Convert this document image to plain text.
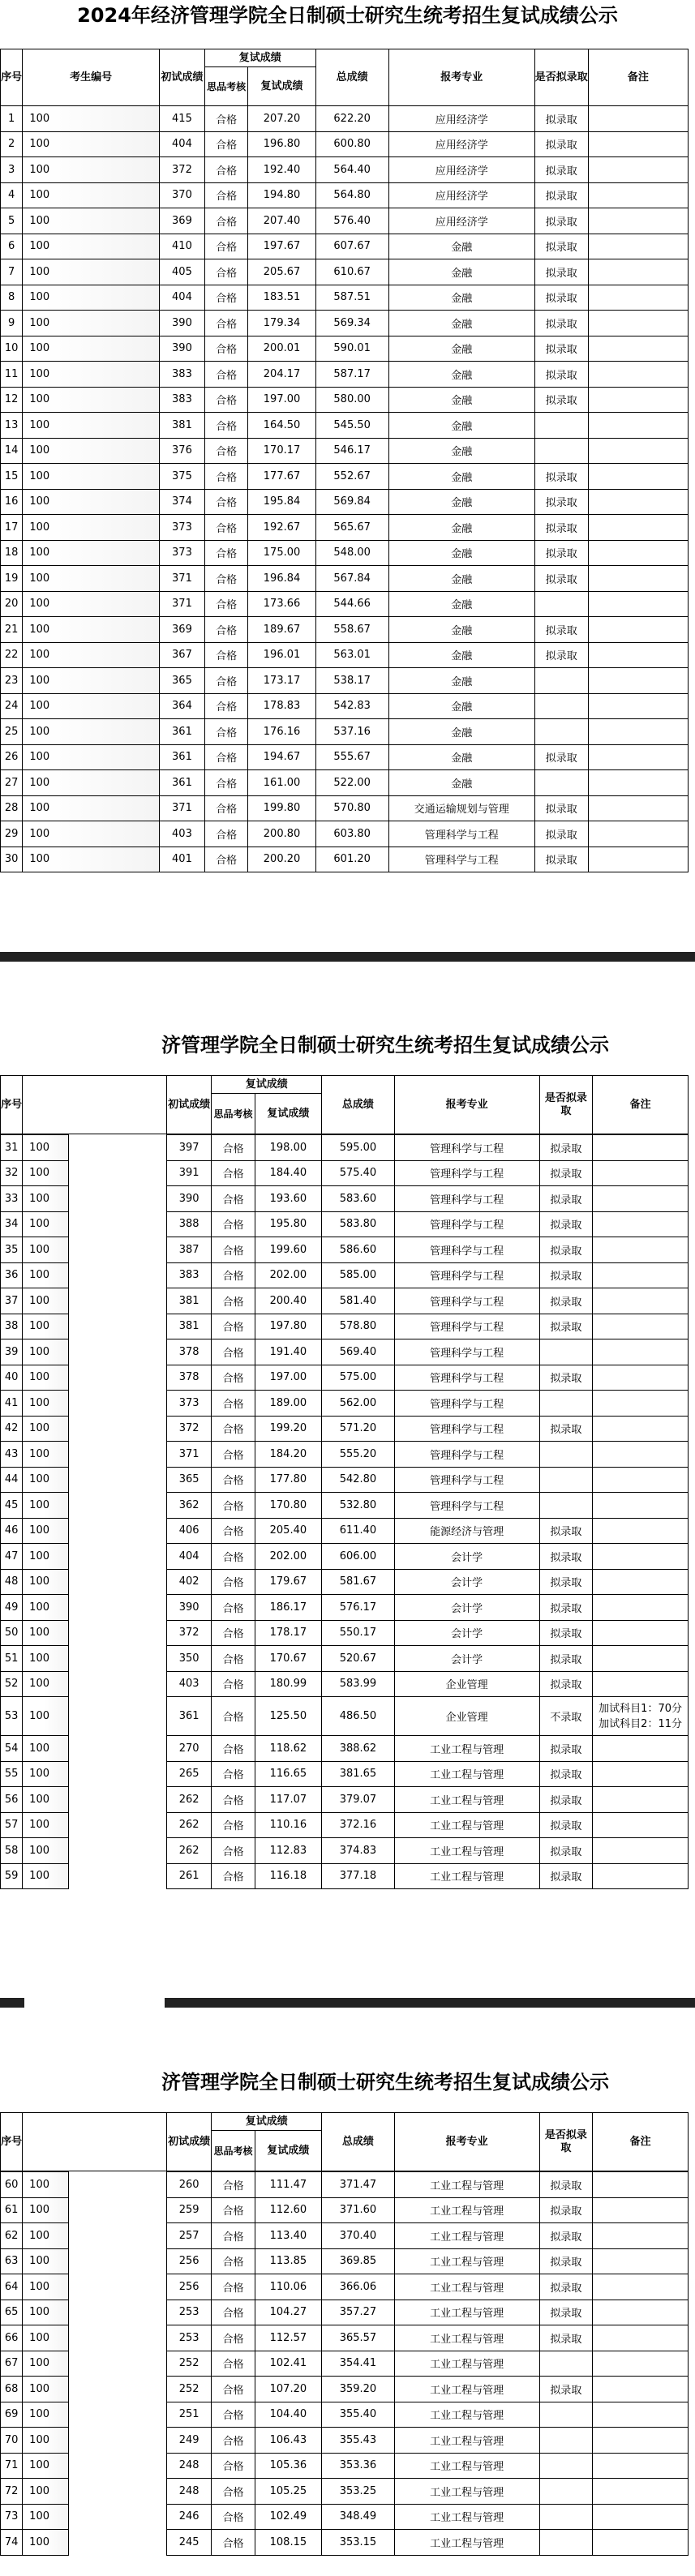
2024年经济管理学院全日制硕士研究生统考招生复试成绩公示
序号	考生编号	初试成绩	复试成绩		总成绩	报考专业	是否拟录取	备注
			思品考核	复试成绩				
1	100	415	合格	207.20	622.20	应用经济学	拟录取	
2	100	404	合格	196.80	600.80	应用经济学	拟录取	
3	100	372	合格	192.40	564.40	应用经济学	拟录取	
4	100	370	合格	194.80	564.80	应用经济学	拟录取	
5	100	369	合格	207.40	576.40	应用经济学	拟录取	
6	100	410	合格	197.67	607.67	金融	拟录取	
7	100	405	合格	205.67	610.67	金融	拟录取	
8	100	404	合格	183.51	587.51	金融	拟录取	
9	100	390	合格	179.34	569.34	金融	拟录取	
10	100	390	合格	200.01	590.01	金融	拟录取	
11	100	383	合格	204.17	587.17	金融	拟录取	
12	100	383	合格	197.00	580.00	金融	拟录取	
13	100	381	合格	164.50	545.50	金融		
14	100	376	合格	170.17	546.17	金融		
15	100	375	合格	177.67	552.67	金融	拟录取	
16	100	374	合格	195.84	569.84	金融	拟录取	
17	100	373	合格	192.67	565.67	金融	拟录取	
18	100	373	合格	175.00	548.00	金融	拟录取	
19	100	371	合格	196.84	567.84	金融	拟录取	
20	100	371	合格	173.66	544.66	金融		
21	100	369	合格	189.67	558.67	金融	拟录取	
22	100	367	合格	196.01	563.01	金融	拟录取	
23	100	365	合格	173.17	538.17	金融		
24	100	364	合格	178.83	542.83	金融		
25	100	361	合格	176.16	537.16	金融		
26	100	361	合格	194.67	555.67	金融	拟录取	
27	100	361	合格	161.00	522.00	金融		
28	100	371	合格	199.80	570.80	交通运输规划与管理	拟录取	
29	100	403	合格	200.80	603.80	管理科学与工程	拟录取	
30	100	401	合格	200.20	601.20	管理科学与工程	拟录取	
济管理学院全日制硕士研究生统考招生复试成绩公示
序号			初试成绩	复试成绩		总成绩	报考专业	是否拟录取	备注
				思品考核	复试成绩				
31	100		397	合格	198.00	595.00	管理科学与工程	拟录取	
32	100		391	合格	184.40	575.40	管理科学与工程	拟录取	
33	100		390	合格	193.60	583.60	管理科学与工程	拟录取	
34	100		388	合格	195.80	583.80	管理科学与工程	拟录取	
35	100		387	合格	199.60	586.60	管理科学与工程	拟录取	
36	100		383	合格	202.00	585.00	管理科学与工程	拟录取	
37	100		381	合格	200.40	581.40	管理科学与工程	拟录取	
38	100		381	合格	197.80	578.80	管理科学与工程	拟录取	
39	100		378	合格	191.40	569.40	管理科学与工程		
40	100		378	合格	197.00	575.00	管理科学与工程	拟录取	
41	100		373	合格	189.00	562.00	管理科学与工程		
42	100		372	合格	199.20	571.20	管理科学与工程	拟录取	
43	100		371	合格	184.20	555.20	管理科学与工程		
44	100		365	合格	177.80	542.80	管理科学与工程		
45	100		362	合格	170.80	532.80	管理科学与工程		
46	100		406	合格	205.40	611.40	能源经济与管理	拟录取	
47	100		404	合格	202.00	606.00	会计学	拟录取	
48	100		402	合格	179.67	581.67	会计学	拟录取	
49	100		390	合格	186.17	576.17	会计学	拟录取	
50	100		372	合格	178.17	550.17	会计学	拟录取	
51	100		350	合格	170.67	520.67	会计学	拟录取	
52	100		403	合格	180.99	583.99	企业管理	拟录取	
53	100		361	合格	125.50	486.50	企业管理	不录取	加试科目1：70分
加试科目2：11分
54	100		270	合格	118.62	388.62	工业工程与管理	拟录取	
55	100		265	合格	116.65	381.65	工业工程与管理	拟录取	
56	100		262	合格	117.07	379.07	工业工程与管理	拟录取	
57	100		262	合格	110.16	372.16	工业工程与管理	拟录取	
58	100		262	合格	112.83	374.83	工业工程与管理	拟录取	
59	100		261	合格	116.18	377.18	工业工程与管理	拟录取	
济管理学院全日制硕士研究生统考招生复试成绩公示
序号			初试成绩	复试成绩		总成绩	报考专业	是否拟录取	备注
				思品考核	复试成绩				
60	100		260	合格	111.47	371.47	工业工程与管理	拟录取	
61	100		259	合格	112.60	371.60	工业工程与管理	拟录取	
62	100		257	合格	113.40	370.40	工业工程与管理	拟录取	
63	100		256	合格	113.85	369.85	工业工程与管理	拟录取	
64	100		256	合格	110.06	366.06	工业工程与管理	拟录取	
65	100		253	合格	104.27	357.27	工业工程与管理	拟录取	
66	100		253	合格	112.57	365.57	工业工程与管理	拟录取	
67	100		252	合格	102.41	354.41	工业工程与管理		
68	100		252	合格	107.20	359.20	工业工程与管理	拟录取	
69	100		251	合格	104.40	355.40	工业工程与管理		
70	100		249	合格	106.43	355.43	工业工程与管理		
71	100		248	合格	105.36	353.36	工业工程与管理		
72	100		248	合格	105.25	353.25	工业工程与管理		
73	100		246	合格	102.49	348.49	工业工程与管理		
74	100		245	合格	108.15	353.15	工业工程与管理		
